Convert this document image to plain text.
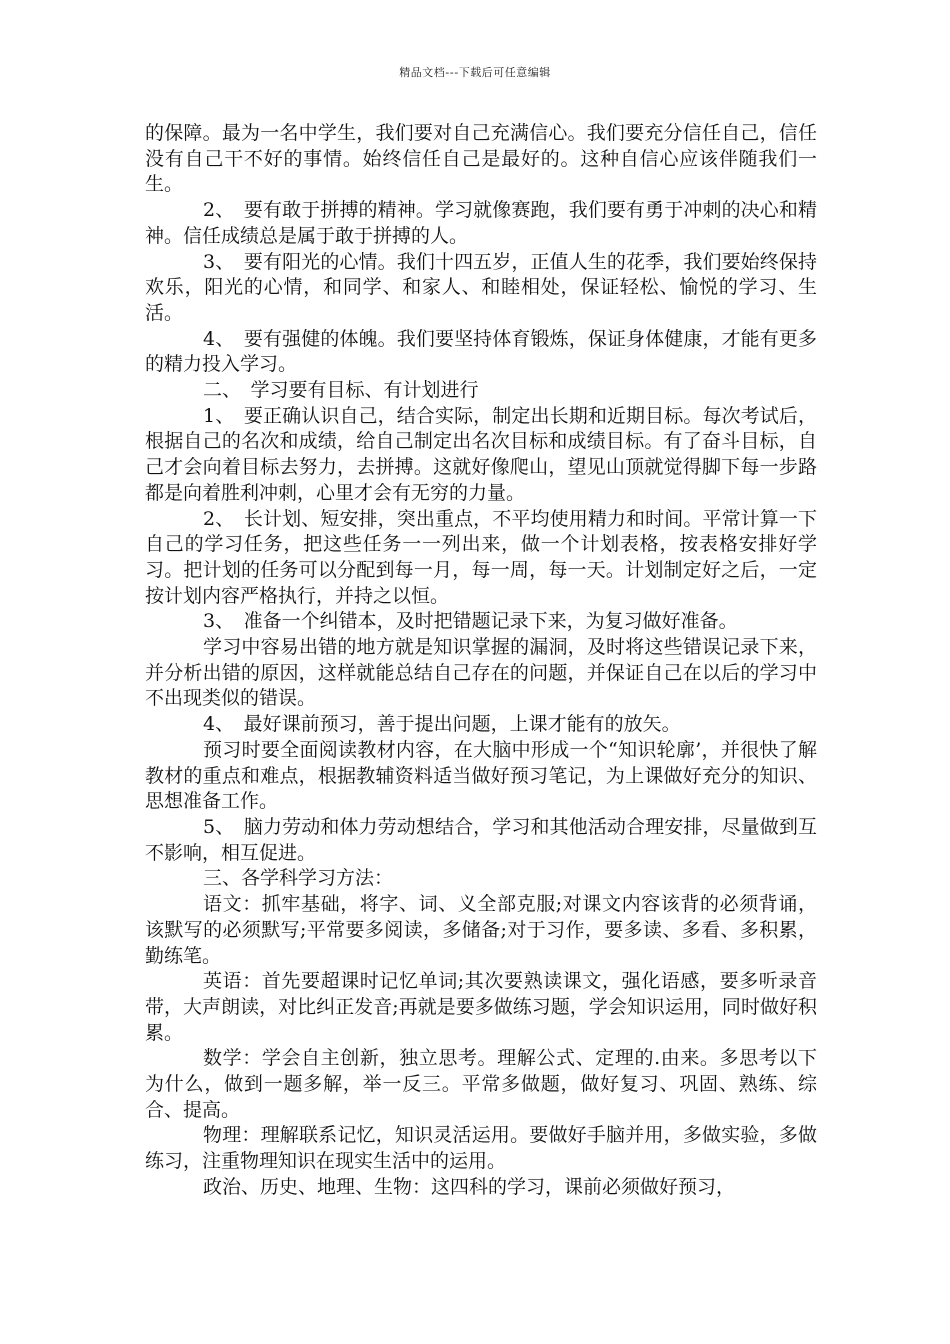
精品文档---下载后可任意编辑

的保障。最为一名中学生，我们要对自己充满信心。我们要充分信任自己，信任没有自己干不好的事情。始终信任自己是最好的。这种自信心应该伴随我们一生。

2、　要有敢于拼搏的精神。学习就像赛跑，我们要有勇于冲刺的决心和精神。信任成绩总是属于敢于拼搏的人。

3、　要有阳光的心情。我们十四五岁，正值人生的花季，我们要始终保持欢乐，阳光的心情，和同学、和家人、和睦相处，保证轻松、愉悦的学习、生活。

4、　要有强健的体魄。我们要坚持体育锻炼，保证身体健康，才能有更多的精力投入学习。

二、　学习要有目标、有计划进行

1、　要正确认识自己，结合实际，制定出长期和近期目标。每次考试后，根据自己的名次和成绩，给自己制定出名次目标和成绩目标。有了奋斗目标，自己才会向着目标去努力，去拼搏。这就好像爬山，望见山顶就觉得脚下每一步路都是向着胜利冲刺，心里才会有无穷的力量。

2、　长计划、短安排，突出重点，不平均使用精力和时间。平常计算一下自己的学习任务，把这些任务一一列出来，做一个计划表格，按表格安排好学习。把计划的任务可以分配到每一月，每一周，每一天。计划制定好之后，一定按计划内容严格执行，并持之以恒。

3、　准备一个纠错本，及时把错题记录下来，为复习做好准备。

学习中容易出错的地方就是知识掌握的漏洞，及时将这些错误记录下来，并分析出错的原因，这样就能总结自己存在的问题，并保证自己在以后的学习中不出现类似的错误。

4、　最好课前预习，善于提出问题，上课才能有的放矢。

预习时要全面阅读教材内容，在大脑中形成一个“知识轮廓’，并很快了解教材的重点和难点，根据教辅资料适当做好预习笔记，为上课做好充分的知识、思想准备工作。

5、　脑力劳动和体力劳动想结合，学习和其他活动合理安排，尽量做到互不影响，相互促进。

三、各学科学习方法：

语文：抓牢基础，将字、词、义全部克服;对课文内容该背的必须背诵，该默写的必须默写;平常要多阅读，多储备;对于习作，要多读、多看、多积累，勤练笔。

英语：首先要超课时记忆单词;其次要熟读课文，强化语感，要多听录音带，大声朗读，对比纠正发音;再就是要多做练习题，学会知识运用，同时做好积累。

数学：学会自主创新，独立思考。理解公式、定理的.由来。多思考以下为什么，做到一题多解，举一反三。平常多做题，做好复习、巩固、熟练、综合、提高。

物理：理解联系记忆，知识灵活运用。要做好手脑并用，多做实验，多做练习，注重物理知识在现实生活中的运用。

政治、历史、地理、生物：这四科的学习，课前必须做好预习，
